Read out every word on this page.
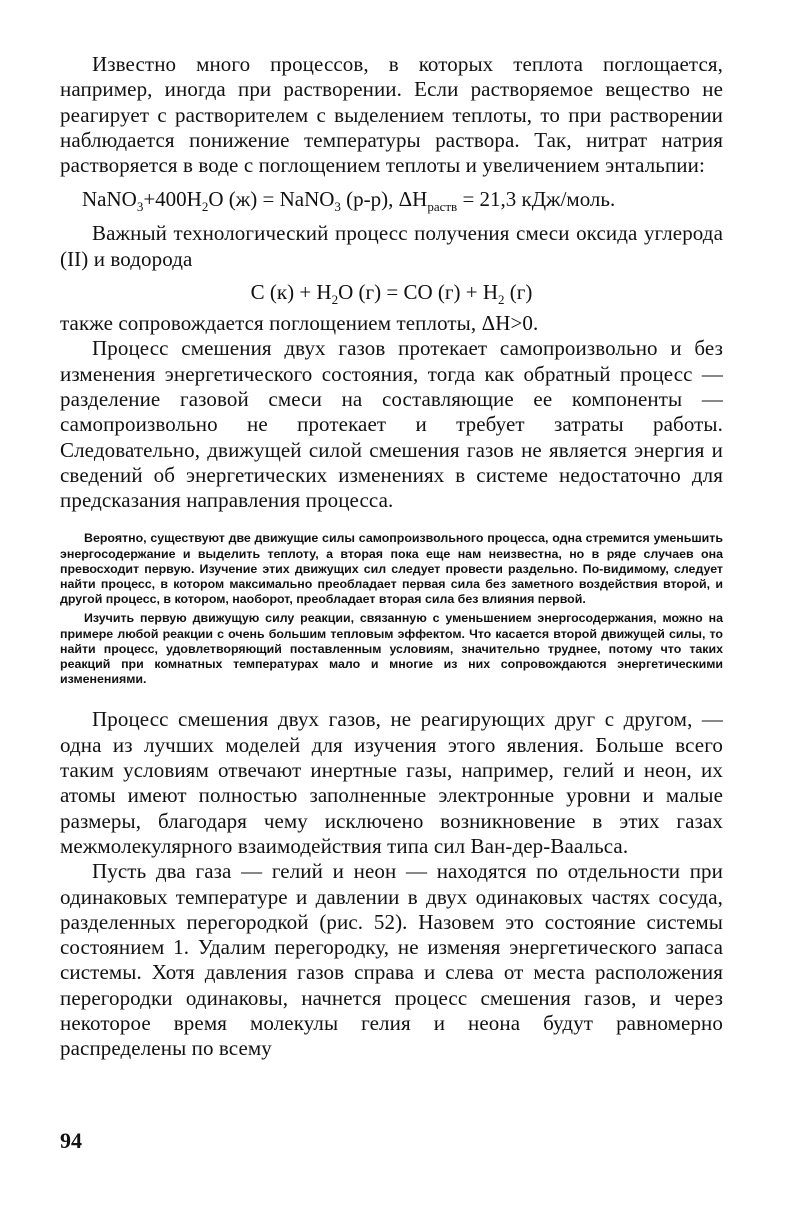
Известно много процессов, в которых теплота поглощается, например, иногда при растворении. Если растворяемое вещество не реагирует с растворителем с выделением теплоты, то при растворении наблюдается понижение температуры раствора. Так, нитрат натрия растворяется в воде с поглощением теплоты и увеличением энтальпии:

$NaNO_3+400H_2O$ (ж) = NaNO$_3$ (р-р), $\Delta H_{раств} = 21,3$ кДж/моль.

Важный технологический процесс получения смеси оксида углерода (II) и водорода

C $(к) + H_2O$ (г) = CO $(г) + H_2$ (г)

также сопровождается поглощением теплоты, ΔH>0.

Процесс смешения двух газов протекает самопроизвольно и без изменения энергетического состояния, тогда как обратный процесс — разделение газовой смеси на составляющие ее компоненты — самопроизвольно не протекает и требует затраты работы. Следовательно, движущей силой смешения газов не является энергия и сведений об энергетических изменениях в системе недостаточно для предсказания направления процесса.

Вероятно, существуют две движущие силы самопроизвольного процесса, одна стремится уменьшить энергосодержание и выделить теплоту, а вторая пока еще нам неизвестна, но в ряде случаев она превосходит первую. Изучение этих движущих сил следует провести раздельно. По-видимому, следует найти процесс, в котором максимально преобладает первая сила без заметного воздействия второй, и другой процесс, в котором, наоборот, преобладает вторая сила без влияния первой.

Изучить первую движущую силу реакции, связанную с уменьшением энергосодержания, можно на примере любой реакции с очень большим тепловым эффектом. Что касается второй движущей силы, то найти процесс, удовлетворяющий поставленным условиям, значительно труднее, потому что таких реакций при комнатных температурах мало и многие из них сопровождаются энергетическими изменениями.

Процесс смешения двух газов, не реагирующих друг с другом, — одна из лучших моделей для изучения этого явления. Больше всего таким условиям отвечают инертные газы, например, гелий и неон, их атомы имеют полностью заполненные электронные уровни и малые размеры, благодаря чему исключено возникновение в этих газах межмолекулярного взаимодействия типа сил Ван-дер-Ваальса.

Пусть два газа — гелий и неон — находятся по отдельности при одинаковых температуре и давлении в двух одинаковых частях сосуда, разделенных перегородкой (рис. 52). Назовем это состояние системы состоянием 1. Удалим перегородку, не изменяя энергетического запаса системы. Хотя давления газов справа и слева от места расположения перегородки одинаковы, начнется процесс смешения газов, и через некоторое время молекулы гелия и неона будут равномерно распределены по всему

94
